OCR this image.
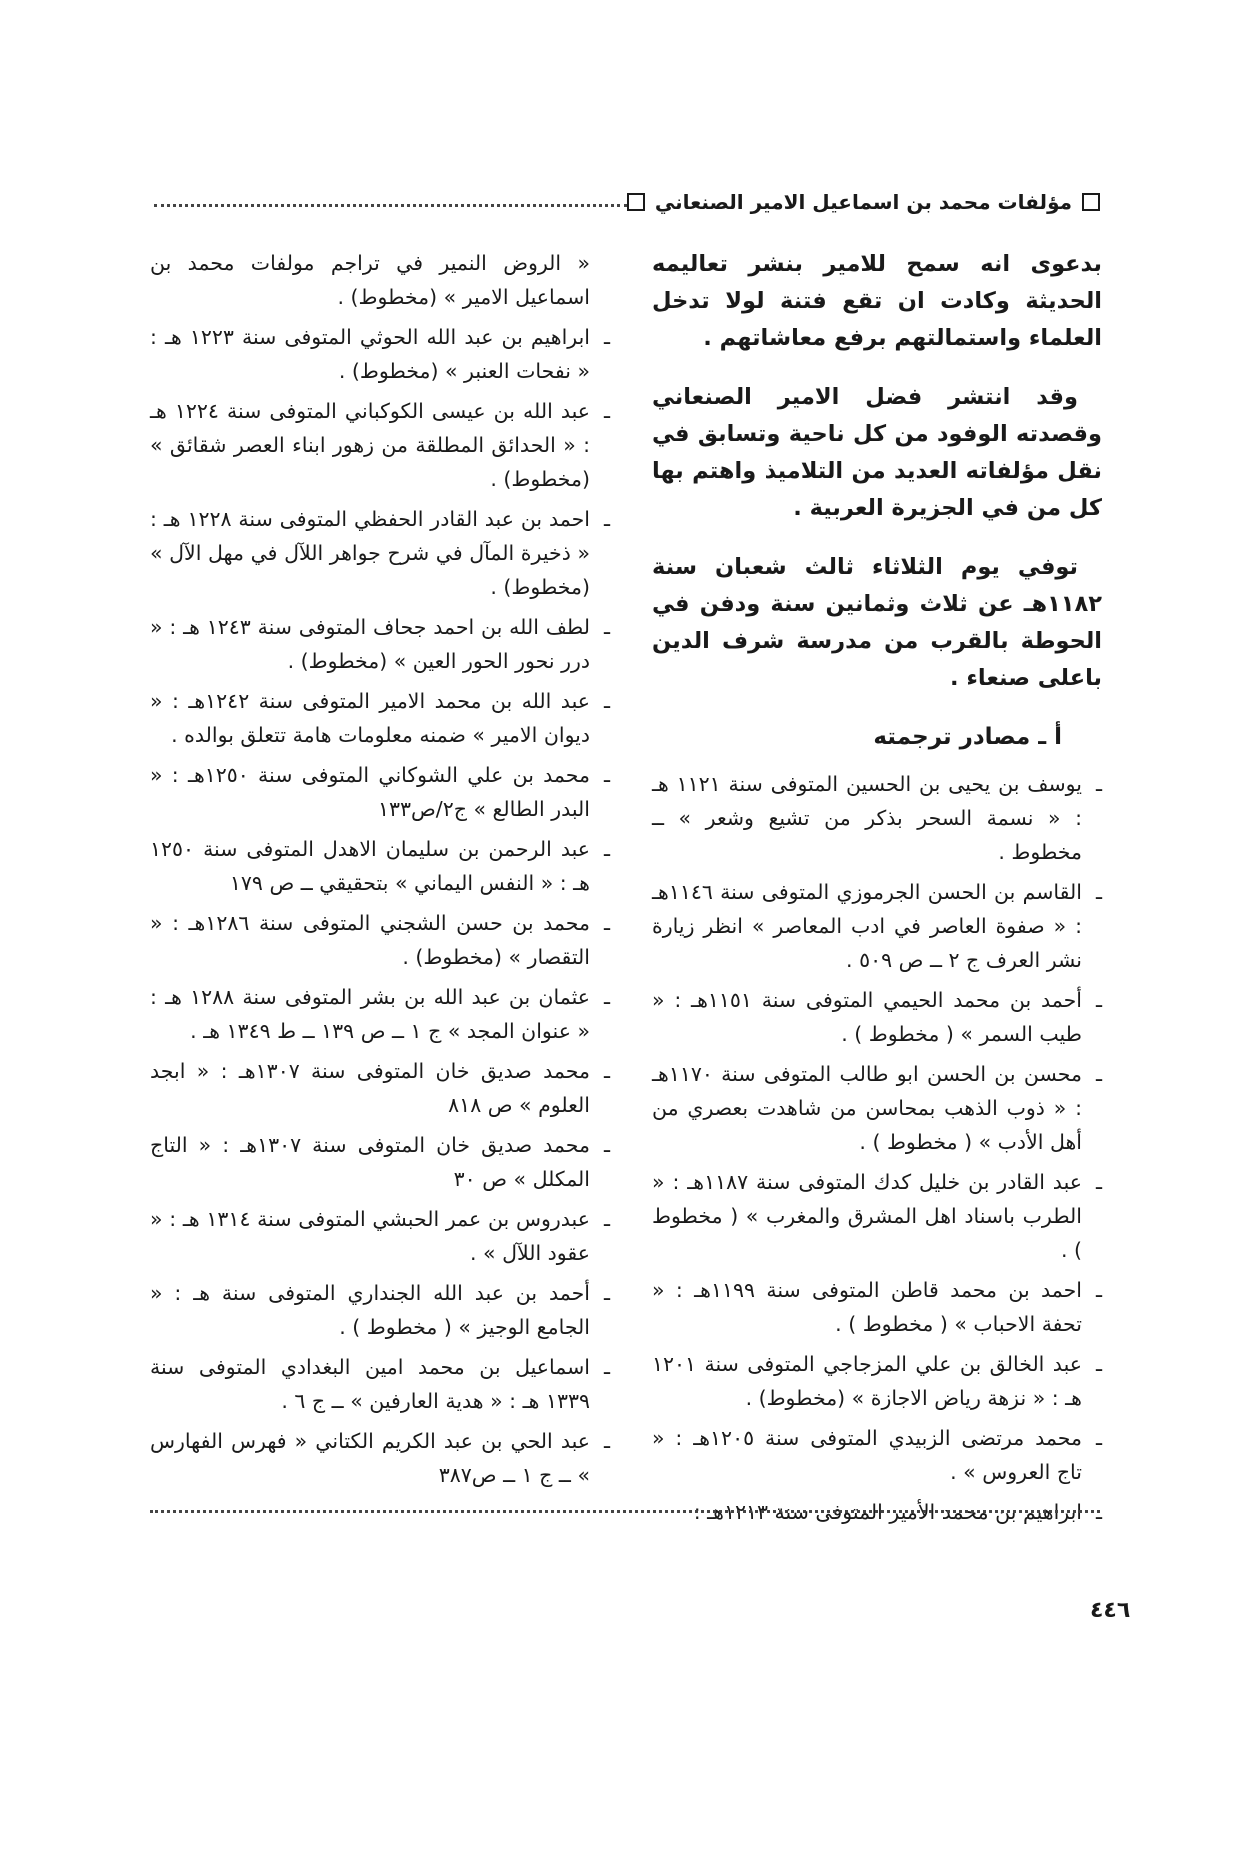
مؤلفات محمد بن اسماعيل الامير الصنعاني

بدعوى انه سمح للامير بنشر تعاليمه الحديثة وكادت ان تقع فتنة لولا تدخل العلماء واستمالتهم برفع معاشاتهم .

وقد انتشر فضل الامير الصنعاني وقصدته الوفود من كل ناحية وتسابق في نقل مؤلفاته العديد من التلاميذ واهتم بها كل من في الجزيرة العربية .

توفي يوم الثلاثاء ثالث شعبان سنة ١١٨٢هـ عن ثلاث وثمانين سنة ودفن في الحوطة بالقرب من مدرسة شرف الدين باعلى صنعاء .

أ ـ مصادر ترجمته
ـ
يوسف بن يحيى بن الحسين المتوفى سنة ١١٢١ هـ : « نسمة السحر بذكر من تشيع وشعر » ــ مخطوط .
ـ
القاسم بن الحسن الجرموزي المتوفى سنة ١١٤٦هـ : « صفوة العاصر في ادب المعاصر » انظر زيارة نشر العرف ج ٢ ــ ص ٥٠٩ .
ـ
أحمد بن محمد الحيمي المتوفى سنة ١١٥١هـ : « طيب السمر » ( مخطوط ) .
ـ
محسن بن الحسن ابو طالب المتوفى سنة ١١٧٠هـ : « ذوب الذهب بمحاسن من شاهدت بعصري من أهل الأدب » ( مخطوط ) .
ـ
عبد القادر بن خليل كدك المتوفى سنة ١١٨٧هـ : « الطرب باسناد اهل المشرق والمغرب » ( مخطوط ) .
ـ
احمد بن محمد قاطن المتوفى سنة ١١٩٩هـ : « تحفة الاحباب » ( مخطوط ) .
ـ
عبد الخالق بن علي المزجاجي المتوفى سنة ١٢٠١ هـ : « نزهة رياض الاجازة » (مخطوط) .
ـ
محمد مرتضى الزبيدي المتوفى سنة ١٢٠٥هـ : « تاج العروس » .
ـ
ابراهيم بن محمد الأمير المتوفى سنة ١٢١٣هـ :
« الروض النمير في تراجم مولفات محمد بن اسماعيل الامير » (مخطوط) .
ـ
ابراهيم بن عبد الله الحوثي المتوفى سنة ١٢٢٣ هـ : « نفحات العنبر » (مخطوط) .
ـ
عبد الله بن عيسى الكوكباني المتوفى سنة ١٢٢٤ هـ : « الحدائق المطلقة من زهور ابناء العصر شقائق » (مخطوط) .
ـ
احمد بن عبد القادر الحفظي المتوفى سنة ١٢٢٨ هـ : « ذخيرة المآل في شرح جواهر اللآل في مهل الآل » (مخطوط) .
ـ
لطف الله بن احمد جحاف المتوفى سنة ١٢٤٣ هـ : « درر نحور الحور العين » (مخطوط) .
ـ
عبد الله بن محمد الامير المتوفى سنة ١٢٤٢هـ : « ديوان الامير » ضمنه معلومات هامة تتعلق بوالده .
ـ
محمد بن علي الشوكاني المتوفى سنة ١٢٥٠هـ : « البدر الطالع » ج٢/ص١٣٣
ـ
عبد الرحمن بن سليمان الاهدل المتوفى سنة ١٢٥٠ هـ : « النفس اليماني » بتحقيقي ــ ص ١٧٩
ـ
محمد بن حسن الشجني المتوفى سنة ١٢٨٦هـ : « التقصار » (مخطوط) .
ـ
عثمان بن عبد الله بن بشر المتوفى سنة ١٢٨٨ هـ : « عنوان المجد » ج ١ ــ ص ١٣٩ ــ ط ١٣٤٩ هـ .
ـ
محمد صديق خان المتوفى سنة ١٣٠٧هـ : « ابجد العلوم » ص ٨١٨
ـ
محمد صديق خان المتوفى سنة ١٣٠٧هـ : « التاج المكلل » ص ٣٠
ـ
عبدروس بن عمر الحبشي المتوفى سنة ١٣١٤ هـ : « عقود اللآل » .
ـ
أحمد بن عبد الله الجنداري المتوفى سنة هـ : « الجامع الوجيز » ( مخطوط ) .
ـ
اسماعيل بن محمد امين البغدادي المتوفى سنة ١٣٣٩ هـ : « هدية العارفين » ــ ج ٦ .
ـ
عبد الحي بن عبد الكريم الكتاني « فهرس الفهارس » ــ ج ١ ــ ص٣٨٧
٤٤٦
